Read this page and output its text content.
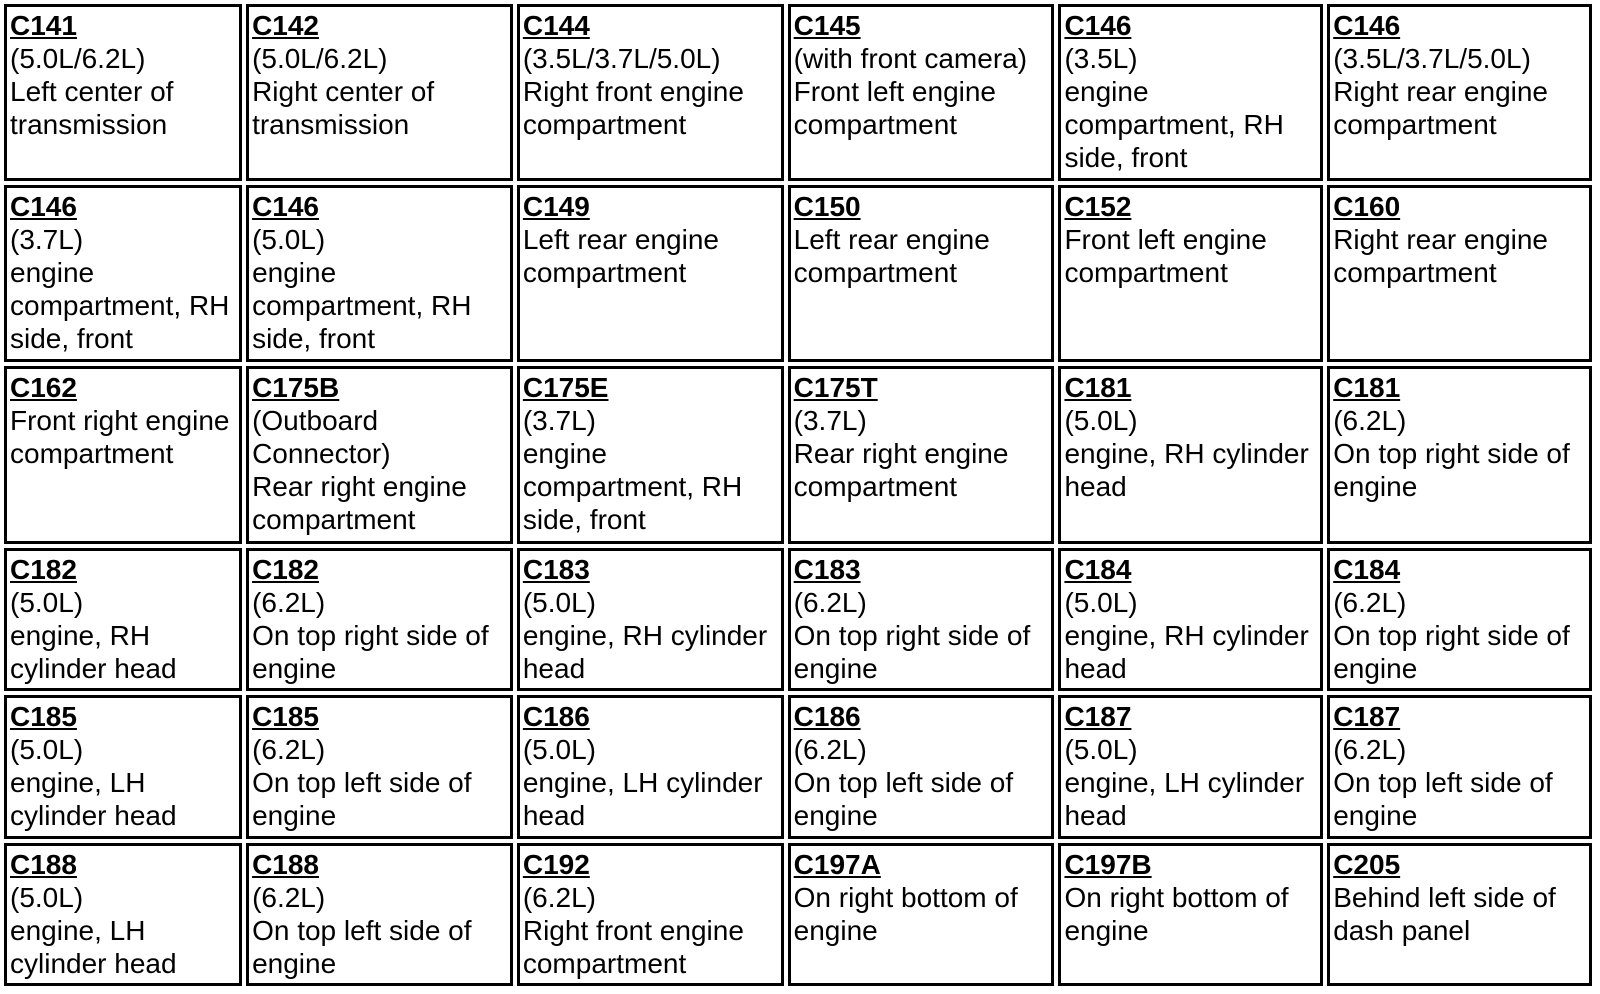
C141
(5.0L/6.2L)
Left center of transmission	C142
(5.0L/6.2L)
Right center of transmission	C144
(3.5L/3.7L/5.0L)
Right front engine compartment	C145
(with front camera)
Front left engine compartment	C146
(3.5L)
engine compartment, RH side, front	C146
(3.5L/3.7L/5.0L)
Right rear engine compartment

C146
(3.7L)
engine compartment, RH side, front	C146
(5.0L)
engine compartment, RH side, front	C149
Left rear engine compartment	C150
Left rear engine compartment	C152
Front left engine compartment	C160
Right rear engine compartment

C162
Front right engine compartment	C175B
(Outboard Connector)
Rear right engine compartment	C175E
(3.7L)
engine compartment, RH side, front	C175T
(3.7L)
Rear right engine compartment	C181
(5.0L)
engine, RH cylinder head	C181
(6.2L)
On top right side of engine

C182
(5.0L)
engine, RH cylinder head	C182
(6.2L)
On top right side of engine	C183
(5.0L)
engine, RH cylinder head	C183
(6.2L)
On top right side of engine	C184
(5.0L)
engine, RH cylinder head	C184
(6.2L)
On top right side of engine

C185
(5.0L)
engine, LH cylinder head	C185
(6.2L)
On top left side of engine	C186
(5.0L)
engine, LH cylinder head	C186
(6.2L)
On top left side of engine	C187
(5.0L)
engine, LH cylinder head	C187
(6.2L)
On top left side of engine

C188
(5.0L)
engine, LH cylinder head	C188
(6.2L)
On top left side of engine	C192
(6.2L)
Right front engine compartment	C197A
On right bottom of engine	C197B
On right bottom of engine	C205
Behind left side of dash panel
